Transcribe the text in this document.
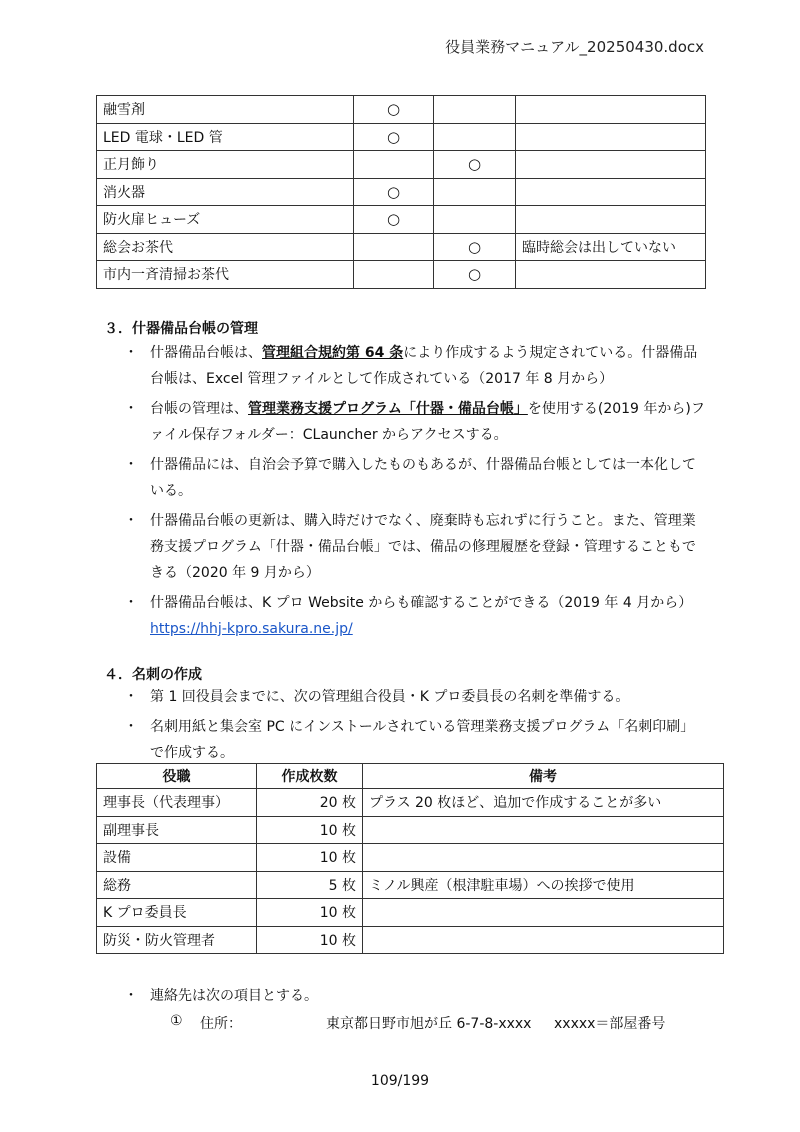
役員業務マニュアル_20250430.docx
融雪剤	○		
LED 電球・LED 管	○		
正月飾り		○	
消火器	○		
防火扉ヒューズ	○		
総会お茶代		○	臨時総会は出していない
市内一斉清掃お茶代		○	
３．什器備品台帳の管理
・ 什器備品台帳は、管理組合規約第 64 条により作成するよう規定されている。什器備品台帳は、Excel 管理ファイルとして作成されている（2017 年 8 月から）
・ 台帳の管理は、管理業務支援プログラム「什器・備品台帳」を使用する(2019 年から)ファイル保存フォルダー：CLauncher からアクセスする。
・ 什器備品には、自治会予算で購入したものもあるが、什器備品台帳としては一本化している。
・ 什器備品台帳の更新は、購入時だけでなく、廃棄時も忘れずに行うこと。また、管理業務支援プログラム「什器・備品台帳」では、備品の修理履歴を登録・管理することもできる（2020 年 9 月から）
・ 什器備品台帳は、K プロ Website からも確認することができる（2019 年 4 月から）
https://hhj-kpro.sakura.ne.jp/
４．名刺の作成
・ 第 1 回役員会までに、次の管理組合役員・K プロ委員長の名刺を準備する。
・ 名刺用紙と集会室 PC にインストールされている管理業務支援プログラム「名刺印刷」で作成する。
役職	作成枚数	備考
理事長（代表理事）	20 枚	プラス 20 枚ほど、追加で作成することが多い
副理事長	10 枚	
設備	10 枚	
総務	5 枚	ミノル興産（根津駐車場）への挨拶で使用
K プロ委員長	10 枚	
防災・防火管理者	10 枚	
・ 連絡先は次の項目とする。
① 住所：	東京都日野市旭が丘 6-7-8-xxxx xxxxx＝部屋番号
109/199
